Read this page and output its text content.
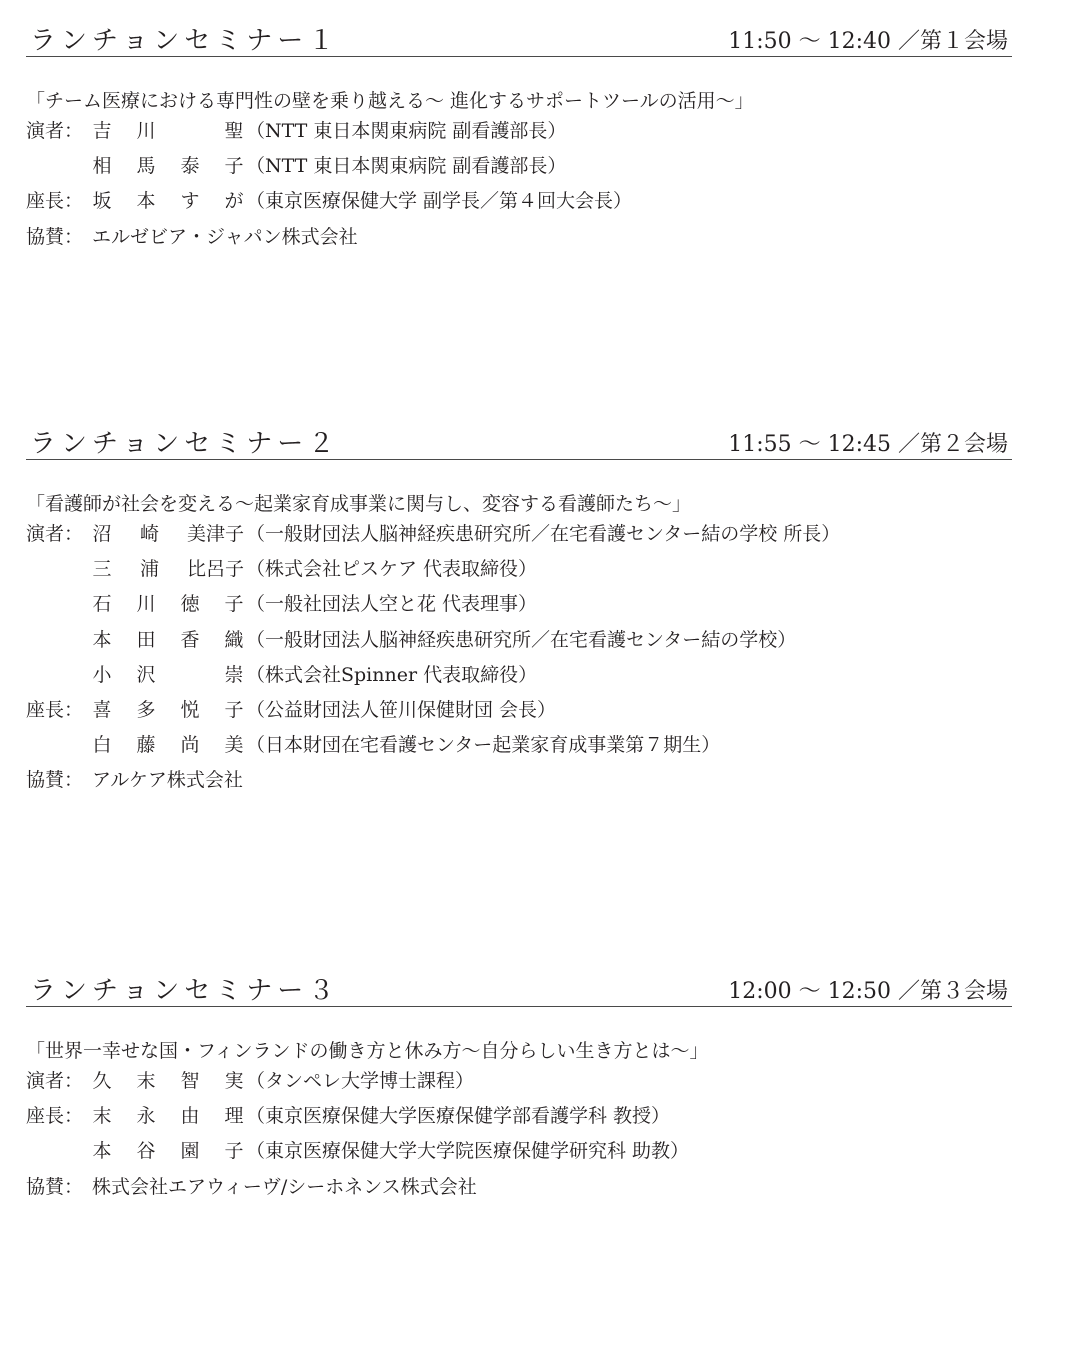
ランチョンセミナー１	11:50 ～ 12:40 ／第１会場
「チーム医療における専門性の壁を乗り越える～ 進化するサポートツールの活用～」
演者： 吉 川	聖 （NTT 東日本関東病院 副看護部長）
相 馬 泰 子 （NTT 東日本関東病院 副看護部長）
座長： 坂 本 す が （東京医療保健大学 副学長／第４回大会長）
協賛： エルゼビア・ジャパン株式会社
ランチョンセミナー２	11:55 ～ 12:45 ／第２会場
「看護師が社会を変える～起業家育成事業に関与し、変容する看護師たち～」
演者： 沼 崎 美津子 （一般財団法人脳神経疾患研究所／在宅看護センター結の学校 所長）
三 浦 比呂子 （株式会社ピスケア 代表取締役）
石 川 徳 子 （一般社団法人空と花 代表理事）
本 田 香 織 （一般財団法人脳神経疾患研究所／在宅看護センター結の学校）
小 沢	崇 （株式会社Spinner 代表取締役）
座長： 喜 多 悦 子 （公益財団法人笹川保健財団 会長）
白 藤 尚 美 （日本財団在宅看護センター起業家育成事業第７期生）
協賛： アルケア株式会社
ランチョンセミナー３	12:00 ～ 12:50 ／第３会場
「世界一幸せな国・フィンランドの働き方と休み方～自分らしい生き方とは～」
演者： 久 末 智 実 （タンペレ大学博士課程）
座長： 末 永 由 理 （東京医療保健大学医療保健学部看護学科 教授）
本 谷 園 子 （東京医療保健大学大学院医療保健学研究科 助教）
協賛： 株式会社エアウィーヴ/シーホネンス株式会社
